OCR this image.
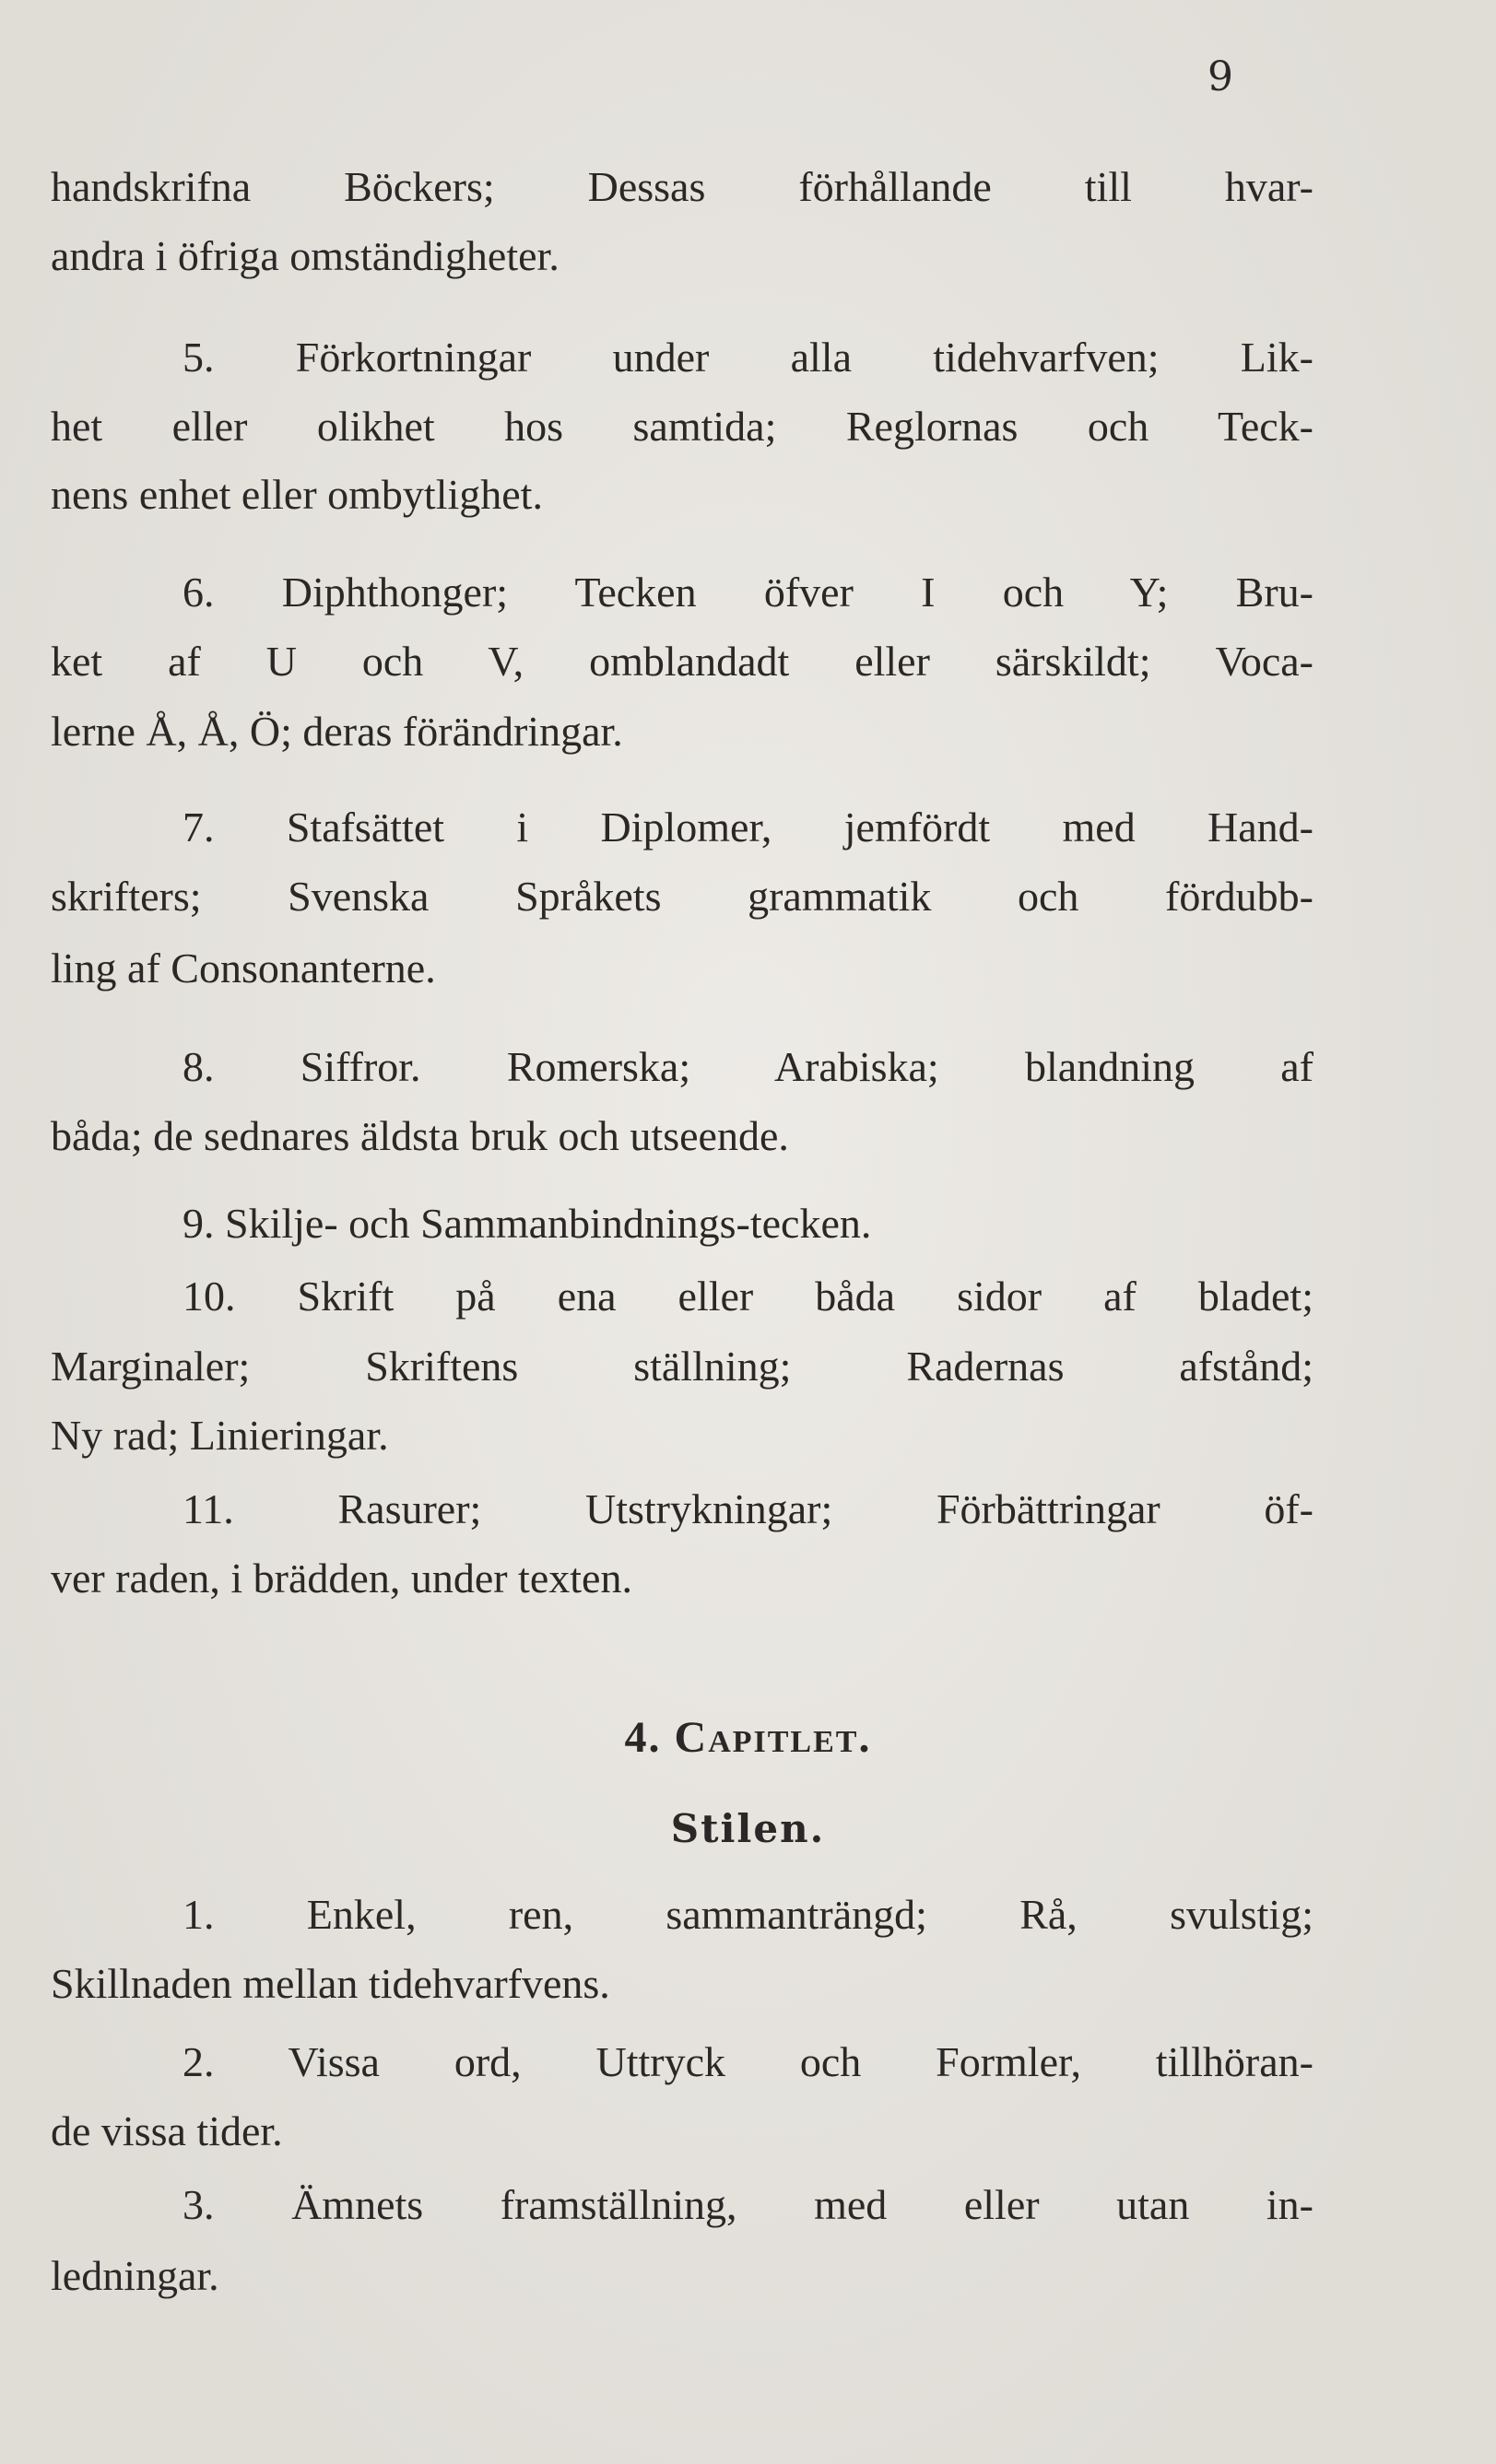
9
handskrifna Böckers; Dessas förhållande till hvar-
andra i öfriga omständigheter.
5. Förkortningar under alla tidehvarfven; Lik-
het eller olikhet hos samtida; Reglornas och Teck-
nens enhet eller ombytlighet.
6. Diphthonger; Tecken öfver I och Y; Bru-
ket af U och V, omblandadt eller särskildt; Voca-
lerne Å, Å, Ö; deras förändringar.
7. Stafsättet i Diplomer, jemfördt med Hand-
skrifters; Svenska Språkets grammatik och fördubb-
ling af Consonanterne.
8. Siffror. Romerska; Arabiska; blandning af
båda; de sednares äldsta bruk och utseende.
9. Skilje- och Sammanbindnings-tecken.
10. Skrift på ena eller båda sidor af bladet;
Marginaler; Skriftens ställning; Radernas afstånd;
Ny rad; Linieringar.
11. Rasurer; Utstrykningar; Förbättringar öf-
ver raden, i brädden, under texten.
4. Capitlet.
Stilen.
1. Enkel, ren, sammanträngd; Rå, svulstig;
Skillnaden mellan tidehvarfvens.
2. Vissa ord, Uttryck och Formler, tillhöran-
de vissa tider.
3. Ämnets framställning, med eller utan in-
ledningar.
